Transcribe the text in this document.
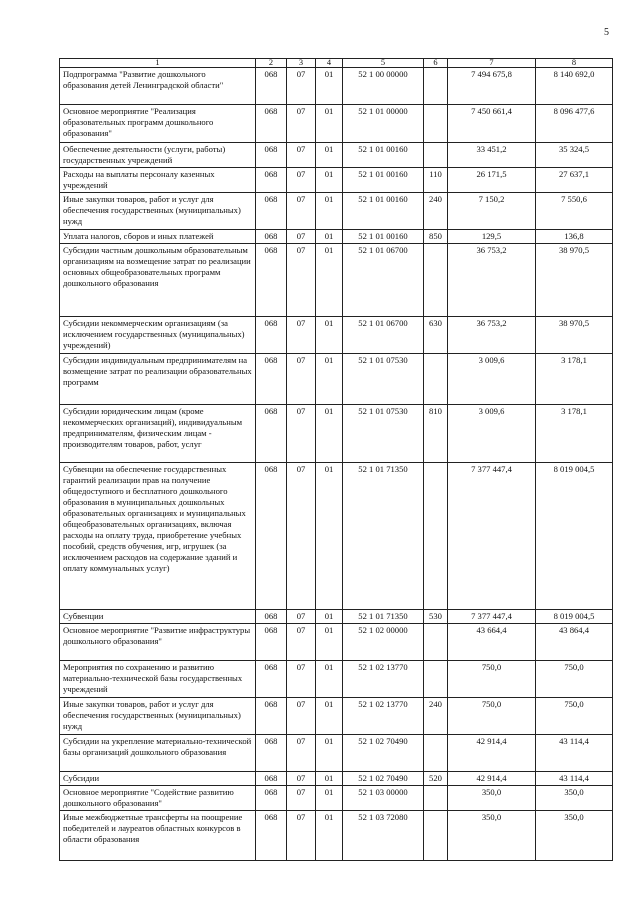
5
1	2	3	4	5	6	7	8
Подпрограмма "Развитие дошкольного образования детей Ленинградской области"	068	07	01	52 1 00 00000		7 494 675,8	8 140 692,0
Основное мероприятие "Реализация образовательных программ дошкольного образования"	068	07	01	52 1 01 00000		7 450 661,4	8 096 477,6
Обеспечение деятельности (услуги, работы) государственных учреждений	068	07	01	52 1 01 00160		33 451,2	35 324,5
Расходы на выплаты персоналу казенных учреждений	068	07	01	52 1 01 00160	110	26 171,5	27 637,1
Иные закупки товаров, работ и услуг для обеспечения государственных (муниципальных) нужд	068	07	01	52 1 01 00160	240	7 150,2	7 550,6
Уплата налогов, сборов и иных платежей	068	07	01	52 1 01 00160	850	129,5	136,8
Субсидии частным дошкольным образовательным организациям на возмещение затрат по реализации основных общеобразовательных программ дошкольного образования	068	07	01	52 1 01 06700		36 753,2	38 970,5
Субсидии некоммерческим организациям (за исключением государственных (муниципальных) учреждений)	068	07	01	52 1 01 06700	630	36 753,2	38 970,5
Субсидии индивидуальным предпринимателям на возмещение затрат по реализации образовательных программ	068	07	01	52 1 01 07530		3 009,6	3 178,1
Субсидии юридическим лицам (кроме некоммерческих организаций), индивидуальным предпринимателям, физическим лицам - производителям товаров, работ, услуг	068	07	01	52 1 01 07530	810	3 009,6	3 178,1
Субвенции на обеспечение государственных гарантий реализации прав на получение общедоступного и бесплатного дошкольного образования в муниципальных дошкольных образовательных организациях и муниципальных общеобразовательных организациях, включая расходы на оплату труда, приобретение учебных пособий, средств обучения, игр, игрушек (за исключением расходов на содержание зданий и оплату коммунальных услуг)	068	07	01	52 1 01 71350		7 377 447,4	8 019 004,5
Субвенции	068	07	01	52 1 01 71350	530	7 377 447,4	8 019 004,5
Основное мероприятие "Развитие инфраструктуры дошкольного образования"	068	07	01	52 1 02 00000		43 664,4	43 864,4
Мероприятия по сохранению и развитию материально-технической базы государственных учреждений	068	07	01	52 1 02 13770		750,0	750,0
Иные закупки товаров, работ и услуг для обеспечения государственных (муниципальных) нужд	068	07	01	52 1 02 13770	240	750,0	750,0
Субсидии на укрепление материально-технической базы организаций дошкольного образования	068	07	01	52 1 02 70490		42 914,4	43 114,4
Субсидии	068	07	01	52 1 02 70490	520	42 914,4	43 114,4
Основное мероприятие "Содействие развитию дошкольного образования"	068	07	01	52 1 03 00000		350,0	350,0
Иные межбюджетные трансферты на поощрение победителей и лауреатов областных конкурсов в области образования	068	07	01	52 1 03 72080		350,0	350,0
